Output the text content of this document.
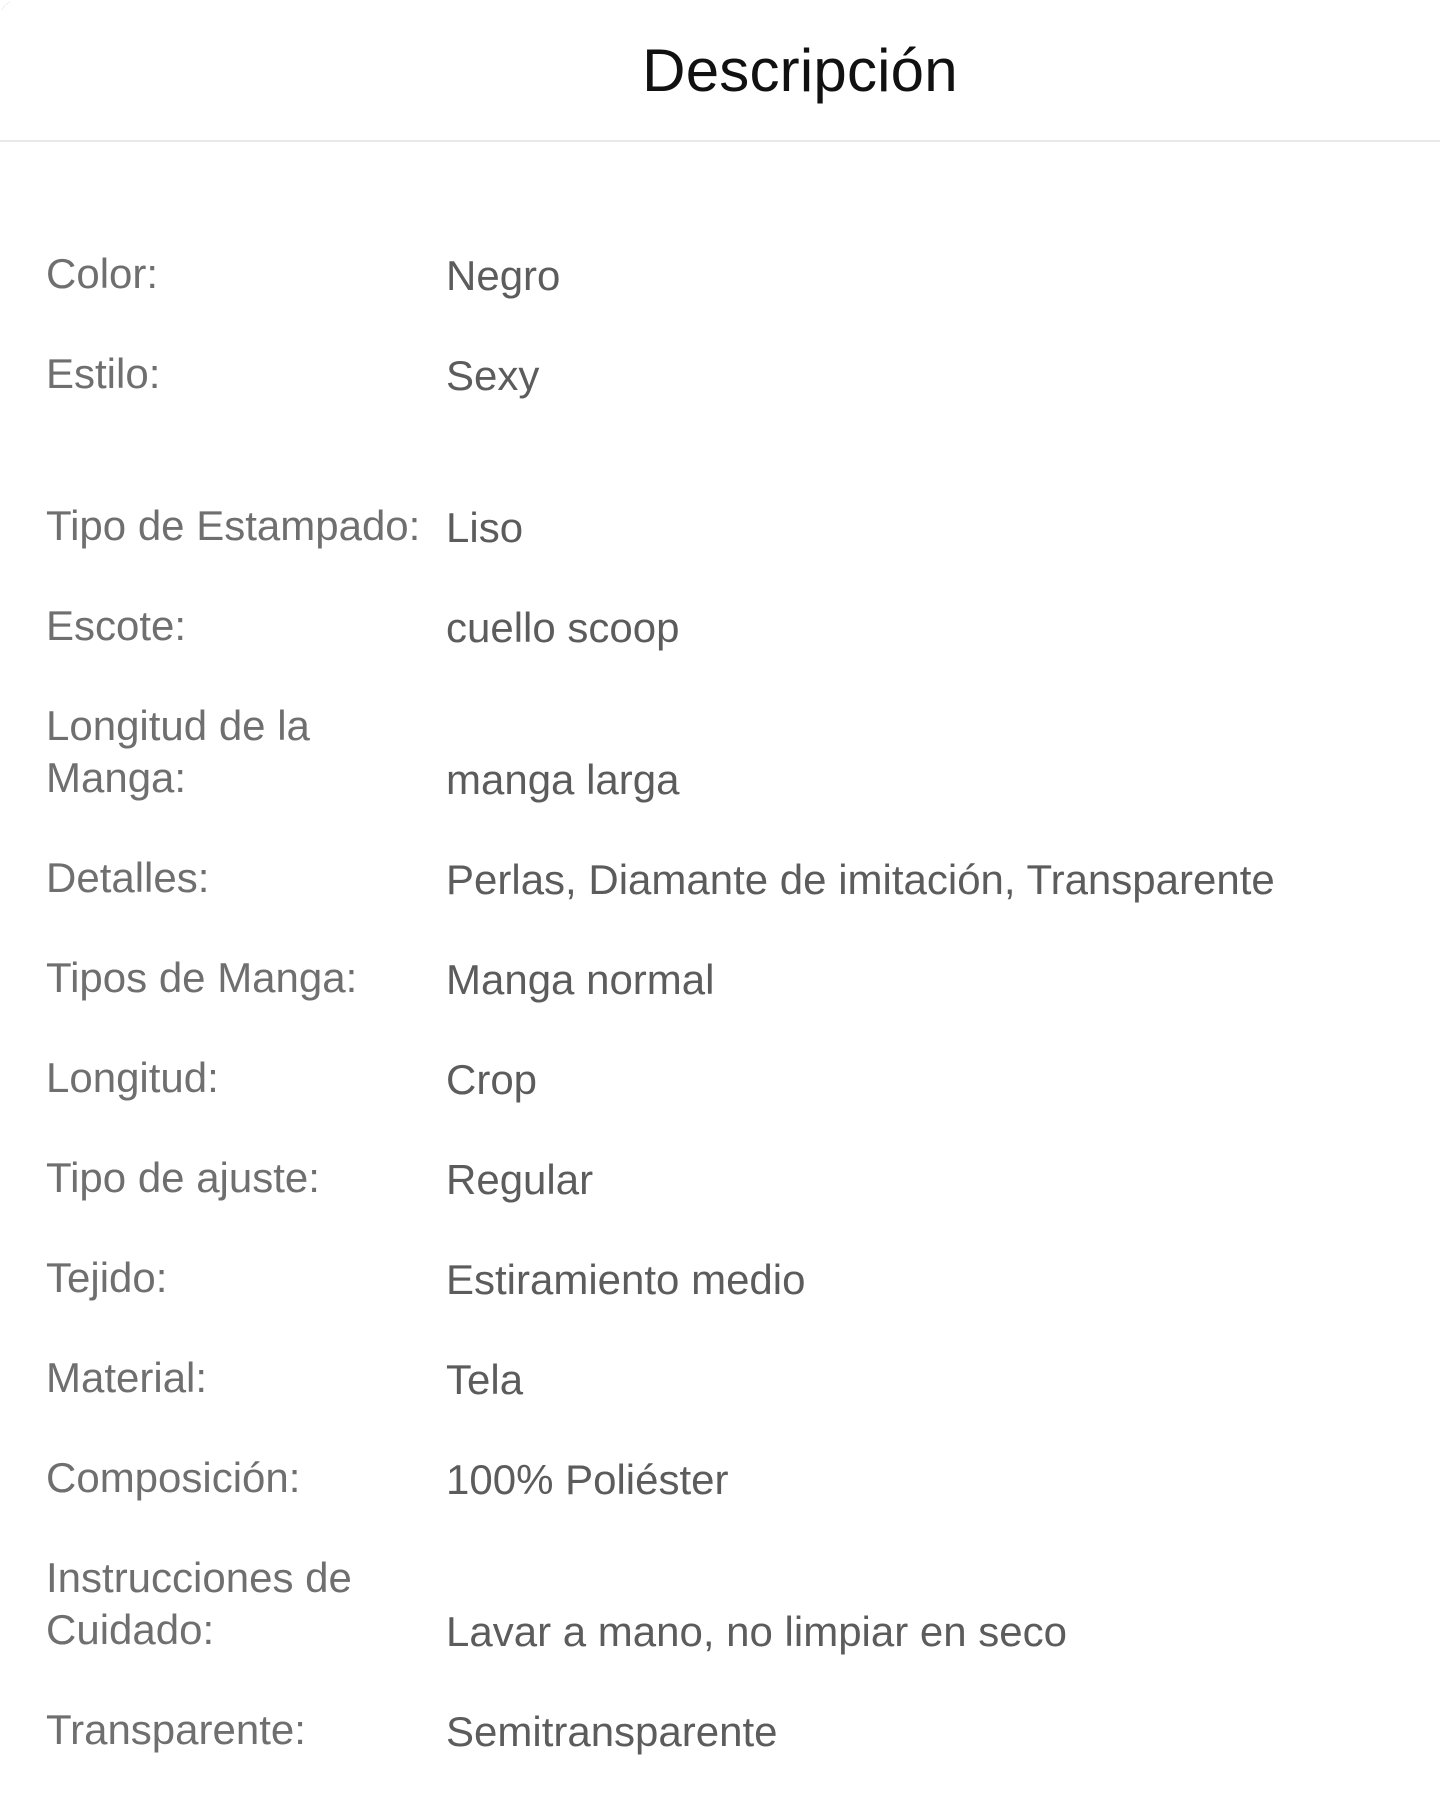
Descripción
Color:	Negro
Estilo:	Sexy
Tipo de Estampado: Liso
Escote:	cuello scoop
Longitud de la Manga:	manga larga
Detalles:	Perlas, Diamante de imitación, Transparente
Tipos de Manga:	Manga normal
Longitud:	Crop
Tipo de ajuste:	Regular
Tejido:	Estiramiento medio
Material:	Tela
Composición:	100% Poliéster
Instrucciones de Cuidado:	Lavar a mano, no limpiar en seco
Transparente:	Semitransparente
